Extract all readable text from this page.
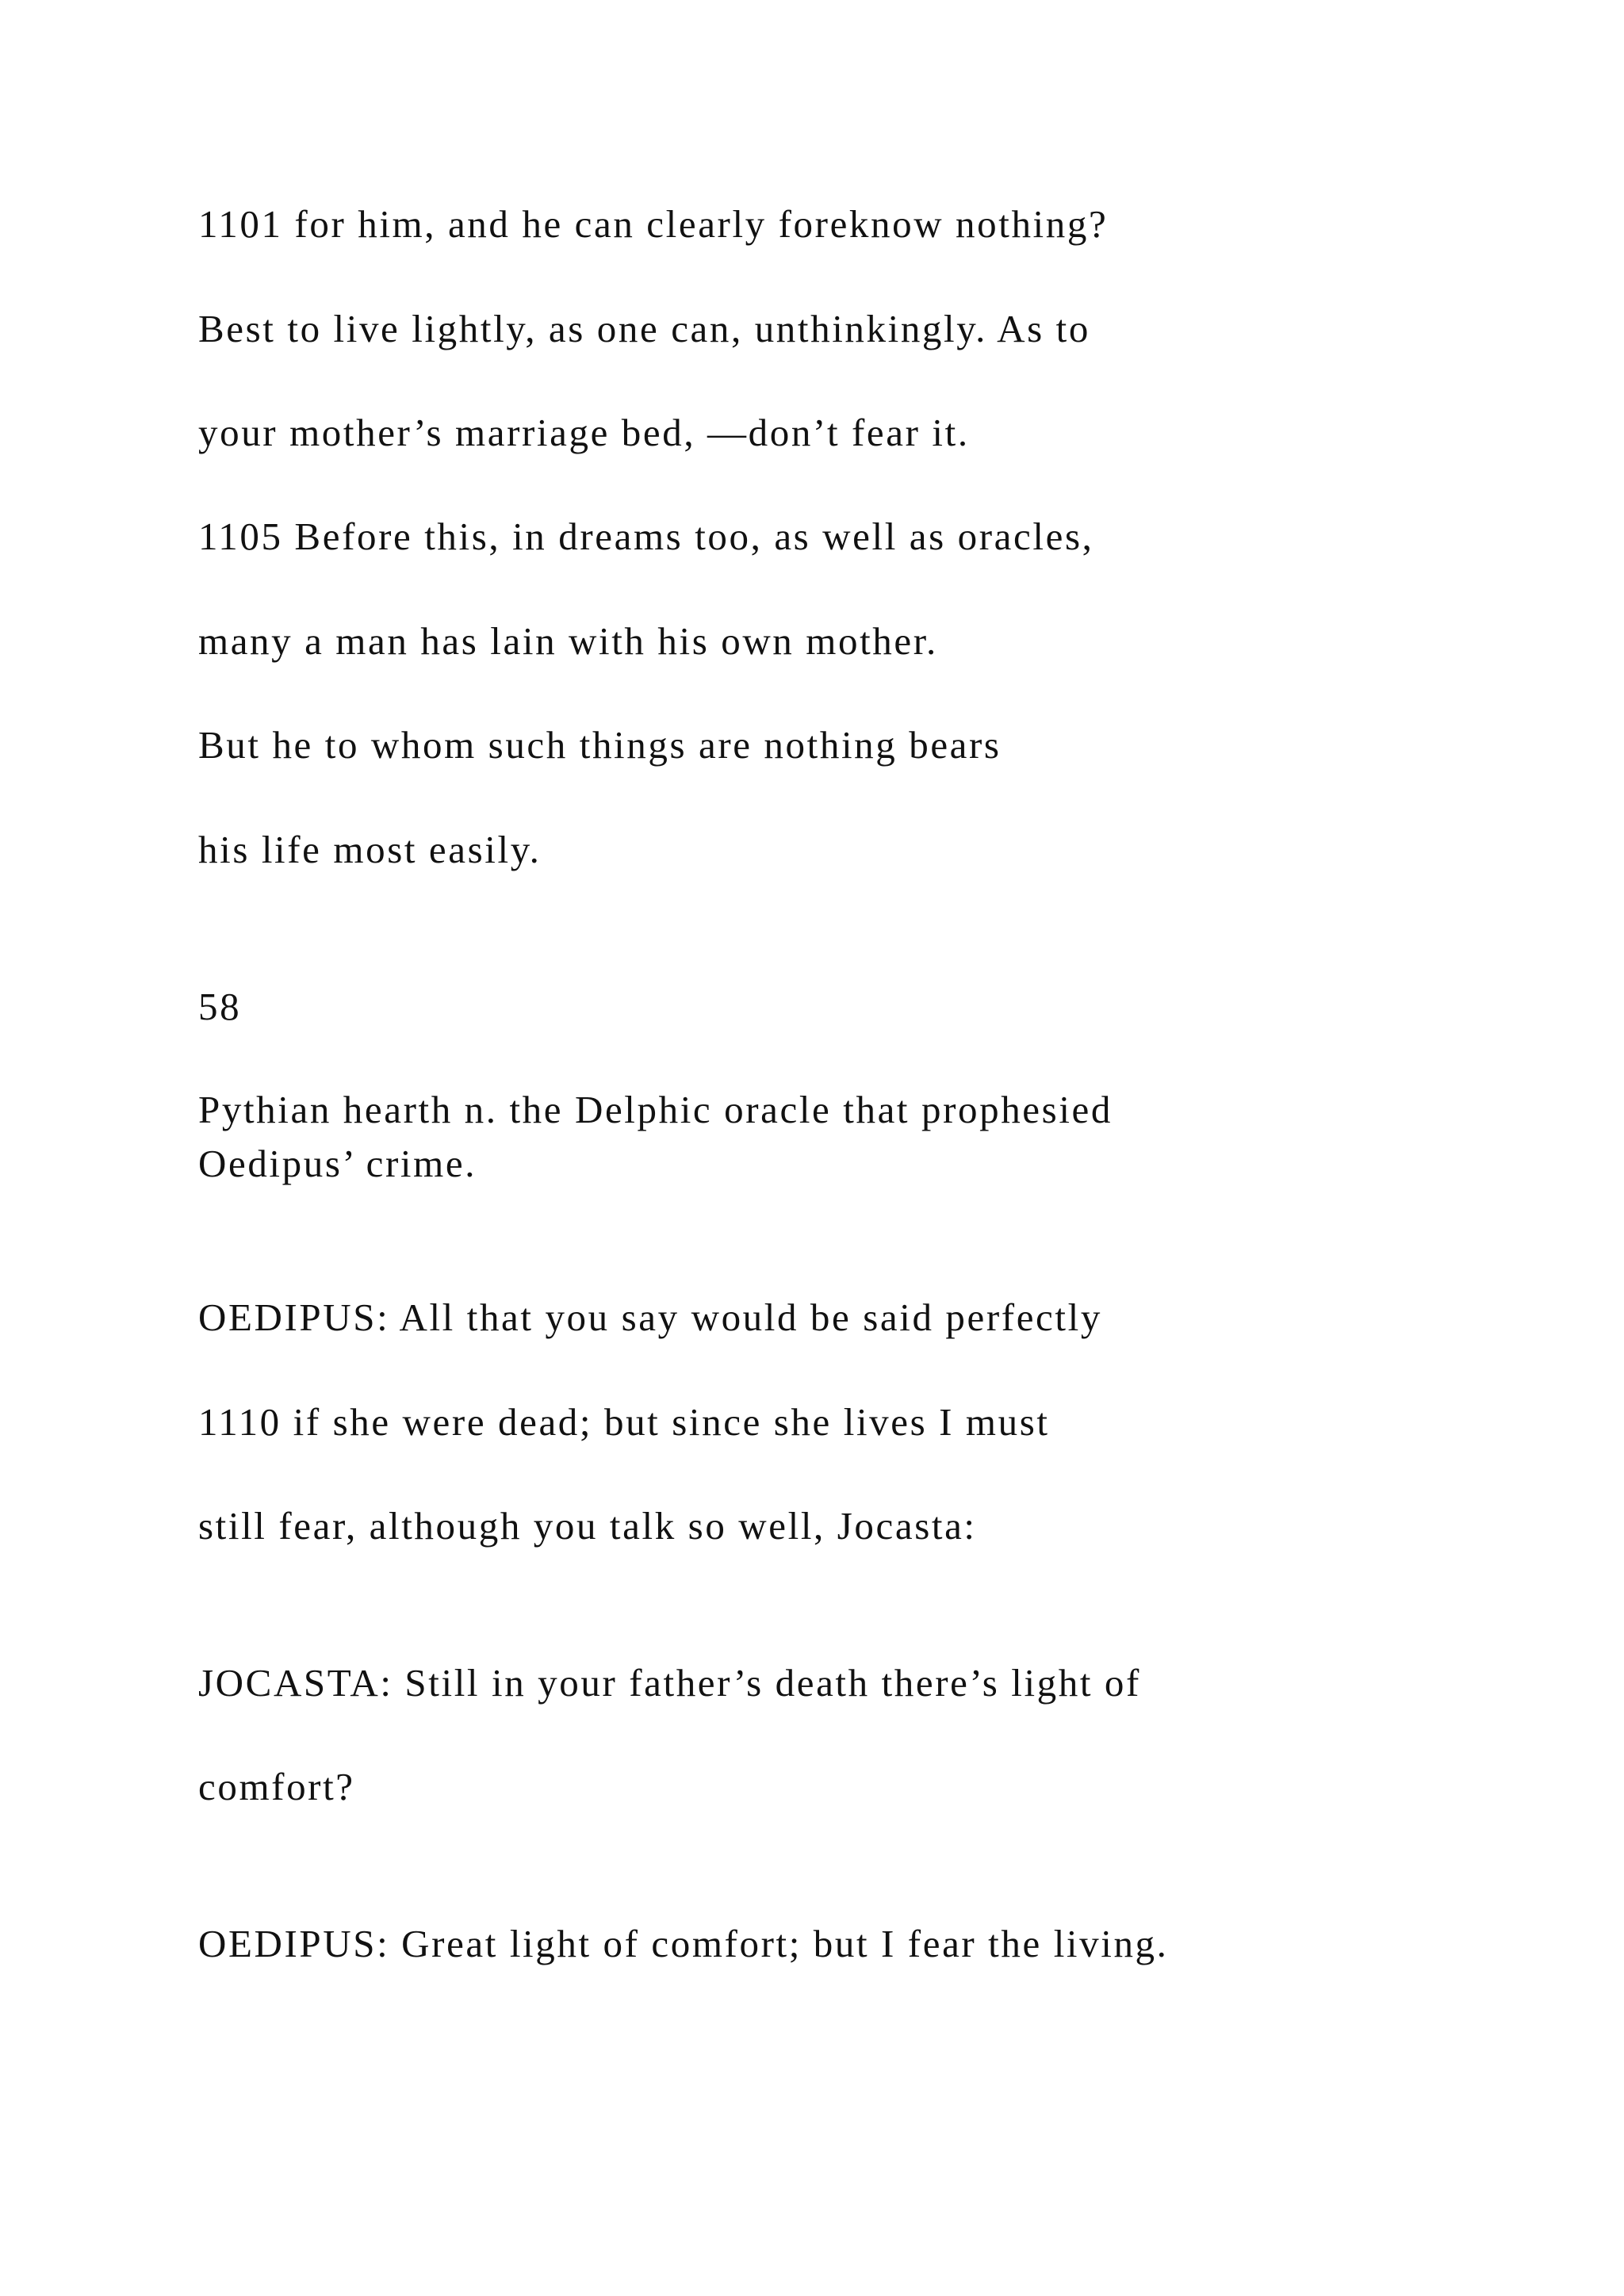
1101 for him, and he can clearly foreknow nothing?

Best to live lightly, as one can, unthinkingly. As to

your mother’s marriage bed, —don’t fear it.

1105 Before this, in dreams too, as well as oracles,

many a man has lain with his own mother.

But he to whom such things are nothing bears

his life most easily.

58

Pythian hearth n. the Delphic oracle that prophesied
Oedipus’ crime.

OEDIPUS: All that you say would be said perfectly

1110 if she were dead; but since she lives I must

still fear, although you talk so well, Jocasta:

JOCASTA: Still in your father’s death there’s light of

comfort?

OEDIPUS: Great light of comfort; but I fear the living.
